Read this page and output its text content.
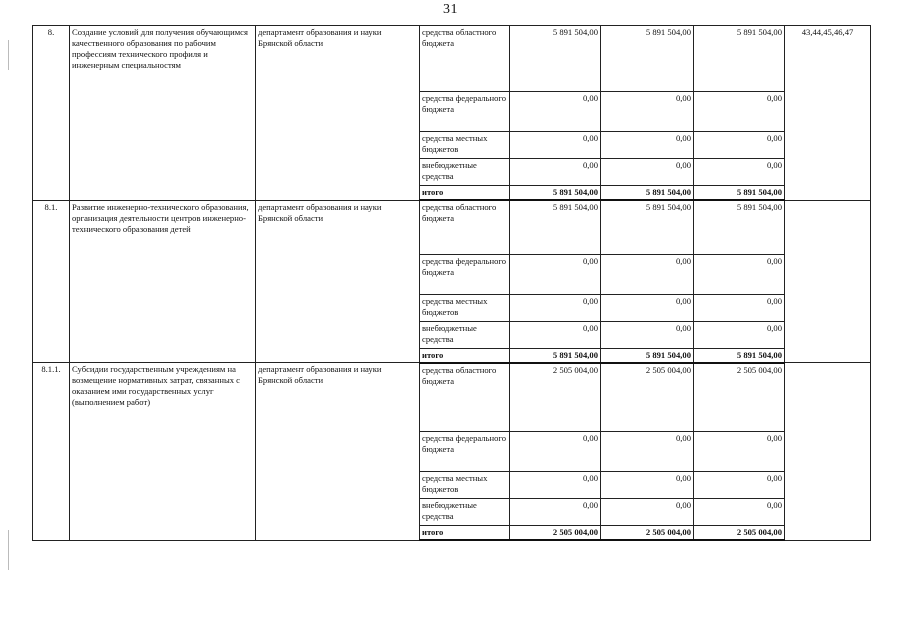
31
8.	Создание условий для получения обучающимся качественного образования по рабочим профессиям технического профиля и инженерным специальностям	департамент образования и науки Брянской области	средства областного бюджета	5 891 504,00	5 891 504,00	5 891 504,00	43,44,45,46,47
			средства федерального бюджета	0,00	0,00	0,00	
			средства местных бюджетов	0,00	0,00	0,00	
			внебюджетные средства	0,00	0,00	0,00	
			итого	5 891 504,00	5 891 504,00	5 891 504,00	
8.1.	Развитие инженерно-технического образования, организация деятельности центров инженерно-технического образования детей	департамент образования и науки Брянской области	средства областного бюджета	5 891 504,00	5 891 504,00	5 891 504,00	
			средства федерального бюджета	0,00	0,00	0,00	
			средства местных бюджетов	0,00	0,00	0,00	
			внебюджетные средства	0,00	0,00	0,00	
			итого	5 891 504,00	5 891 504,00	5 891 504,00	
8.1.1.	Субсидии государственным учреждениям на возмещение нормативных затрат, связанных с оказанием ими государственных услуг (выполнением работ)	департамент образования и науки Брянской области	средства областного бюджета	2 505 004,00	2 505 004,00	2 505 004,00	
			средства федерального бюджета	0,00	0,00	0,00	
			средства местных бюджетов	0,00	0,00	0,00	
			внебюджетные средства	0,00	0,00	0,00	
			итого	2 505 004,00	2 505 004,00	2 505 004,00	
